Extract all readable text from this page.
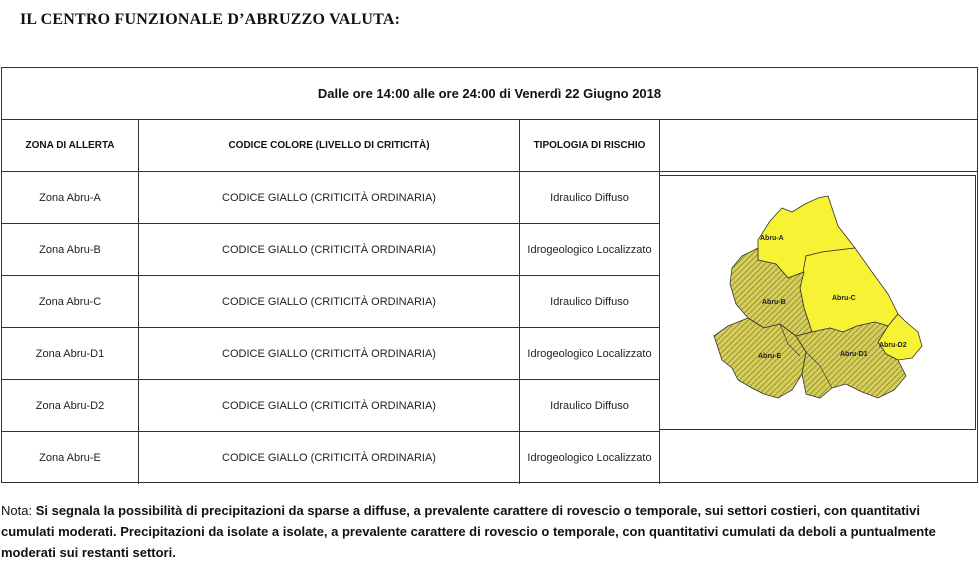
IL CENTRO FUNZIONALE D’ABRUZZO VALUTA:
Dalle ore 14:00 alle ore 24:00 di Venerdì 22 Giugno 2018
ZONA DI ALLERTA	CODICE COLORE (LIVELLO DI CRITICITÀ)	TIPOLOGIA DI RISCHIO
Zona Abru-A	CODICE GIALLO (CRITICITÀ ORDINARIA)	Idraulico Diffuso
Zona Abru-B	CODICE GIALLO (CRITICITÀ ORDINARIA)	Idrogeologico Localizzato
Zona Abru-C	CODICE GIALLO (CRITICITÀ ORDINARIA)	Idraulico Diffuso
Zona Abru-D1	CODICE GIALLO (CRITICITÀ ORDINARIA)	Idrogeologico Localizzato
Zona Abru-D2	CODICE GIALLO (CRITICITÀ ORDINARIA)	Idraulico Diffuso
Zona Abru-E	CODICE GIALLO (CRITICITÀ ORDINARIA)	Idrogeologico Localizzato
Abru-A
Abru-B
Abru-C
Abru-D2
Abru-D1
Abru-E
Nota: Si segnala la possibilità di precipitazioni da sparse a diffuse, a prevalente carattere di rovescio o temporale, sui settori costieri, con quantitativi cumulati moderati. Precipitazioni da isolate a isolate, a prevalente carattere di rovescio o temporale, con quantitativi cumulati da deboli a puntualmente moderati sui restanti settori.
